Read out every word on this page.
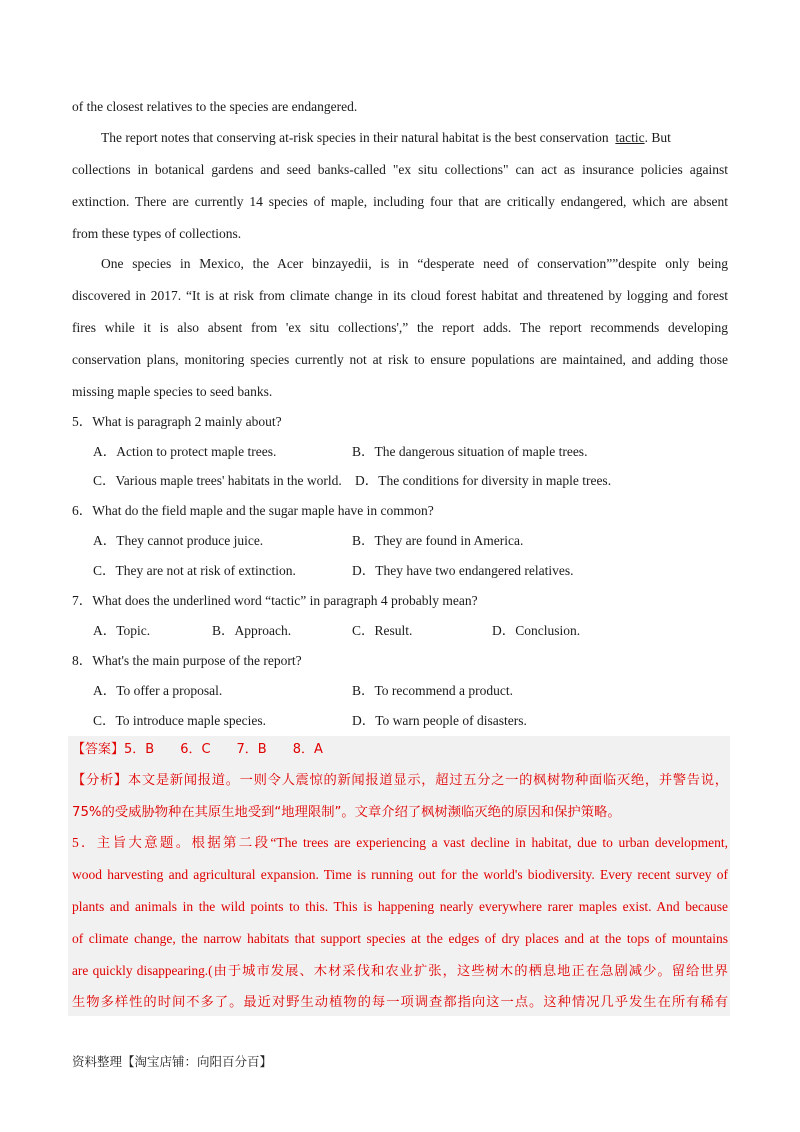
of the closest relatives to the species are endangered.
The report notes that conserving at-risk species in their natural habitat is the best conservation tactic. But
collections in botanical gardens and seed banks-called "ex situ collections" can act as insurance policies against
extinction. There are currently 14 species of maple, including four that are critically endangered, which are absent
from these types of collections.
One species in Mexico, the Acer binzayedii, is in “desperate need of conservation””despite only being
discovered in 2017. “It is at risk from climate change in its cloud forest habitat and threatened by logging and forest
fires while it is also absent from 'ex situ collections',” the report adds. The report recommends developing
conservation plans, monitoring species currently not at risk to ensure populations are maintained, and adding those
missing maple species to seed banks.
5．What is paragraph 2 mainly about?
A．Action to protect maple trees.	B．The dangerous situation of maple trees.
C．Various maple trees' habitats in the world. D．The conditions for diversity in maple trees.
6．What do the field maple and the sugar maple have in common?
A．They cannot produce juice.	B．They are found in America.
C．They are not at risk of extinction.	D．They have two endangered relatives.
7．What does the underlined word “tactic” in paragraph 4 probably mean?
A．Topic.	B．Approach.	C．Result.	D．Conclusion.
8．What's the main purpose of the report?
A．To offer a proposal.	B．To recommend a product.
C．To introduce maple species.	D．To warn people of disasters.
【答案】5．B　　6．C　　7．B　　8．A
【分析】本文是新闻报道。一则令人震惊的新闻报道显示，超过五分之一的枫树物种面临灭绝，并警告说，
75%的受威胁物种在其原生地受到“地理限制”。文章介绍了枫树濒临灭绝的原因和保护策略。
5．主旨大意题。根据第二段“The trees are experiencing a vast decline in habitat, due to urban development,
wood harvesting and agricultural expansion. Time is running out for the world's biodiversity. Every recent survey of
plants and animals in the wild points to this. This is happening nearly everywhere rarer maples exist. And because
of climate change, the narrow habitats that support species at the edges of dry places and at the tops of mountains
are quickly disappearing.(由于城市发展、木材采伐和农业扩张，这些树木的栖息地正在急剧减少。留给世界
生物多样性的时间不多了。最近对野生动植物的每一项调查都指向这一点。这种情况几乎发生在所有稀有
资料整理【淘宝店铺：向阳百分百】
